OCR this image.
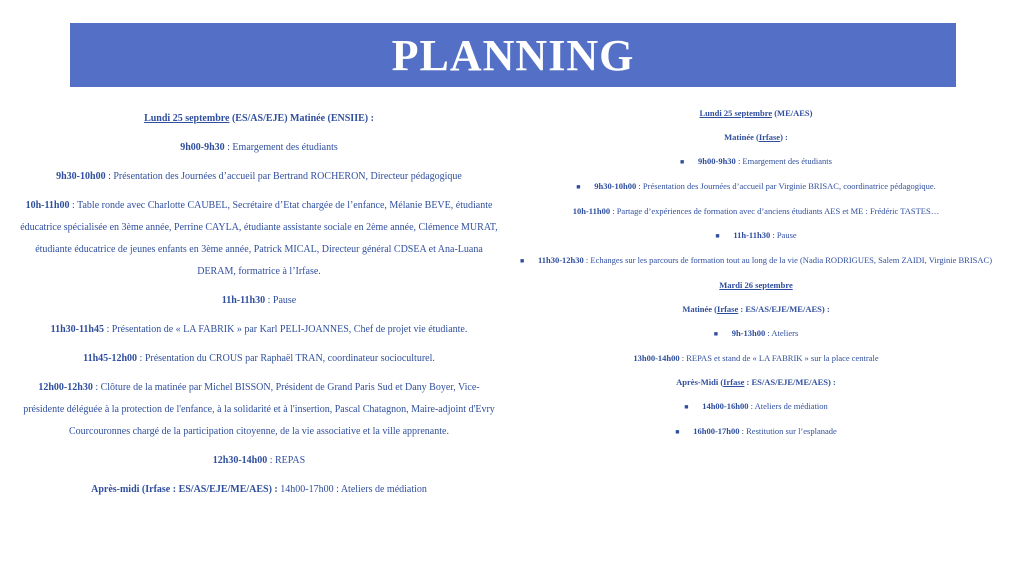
PLANNING

Lundi 25 septembre (ES/AS/EJE) Matinée (ENSIIE) :

9h00-9h30 : Emargement des étudiants

9h30-10h00 : Présentation des Journées d’accueil par Bertrand ROCHERON, Directeur pédagogique

10h-11h00 : Table ronde avec Charlotte CAUBEL, Secrétaire d’Etat chargée de l’enfance, Mélanie BEVE, étudiante éducatrice spécialisée en 3ème année, Perrine CAYLA, étudiante assistante sociale en 2ème année, Clémence MURAT, étudiante éducatrice de jeunes enfants en 3ème année, Patrick MICAL, Directeur général CDSEA et Ana-Luana DERAM, formatrice à l’Irfase.

11h-11h30 : Pause

11h30-11h45 : Présentation de « LA FABRIK » par Karl PELI-JOANNES, Chef de projet vie étudiante.

11h45-12h00 : Présentation du CROUS par Raphaël TRAN, coordinateur socioculturel.

12h00-12h30 : Clôture de la matinée par Michel BISSON, Président de Grand Paris Sud et Dany Boyer, Vice-présidente déléguée à la protection de l'enfance, à la solidarité et à l'insertion, Pascal Chatagnon, Maire-adjoint d'Evry Courcouronnes chargé de la participation citoyenne, de la vie associative et la ville apprenante.

12h30-14h00 : REPAS

Après-midi (Irfase : ES/AS/EJE/ME/AES) : 14h00-17h00 : Ateliers de médiation

Lundi 25 septembre (ME/AES)

Matinée (Irfase) :

■ 9h00-9h30 : Emargement des étudiants

■ 9h30-10h00 : Présentation des Journées d’accueil par Virginie BRISAC, coordinatrice pédagogique.

10h-11h00 : Partage d’expériences de formation avec d’anciens étudiants AES et ME : Frédéric TASTES…

■ 11h-11h30 : Pause

■ 11h30-12h30 : Echanges sur les parcours de formation tout au long de la vie (Nadia RODRIGUES, Salem ZAIDI, Virginie BRISAC)

Mardi 26 septembre

Matinée (Irfase : ES/AS/EJE/ME/AES) :

■ 9h-13h00 : Ateliers

13h00-14h00 : REPAS et stand de « LA FABRIK » sur la place centrale

Après-Midi (Irfase : ES/AS/EJE/ME/AES) :

■ 14h00-16h00 : Ateliers de médiation

■ 16h00-17h00 : Restitution sur l’esplanade
